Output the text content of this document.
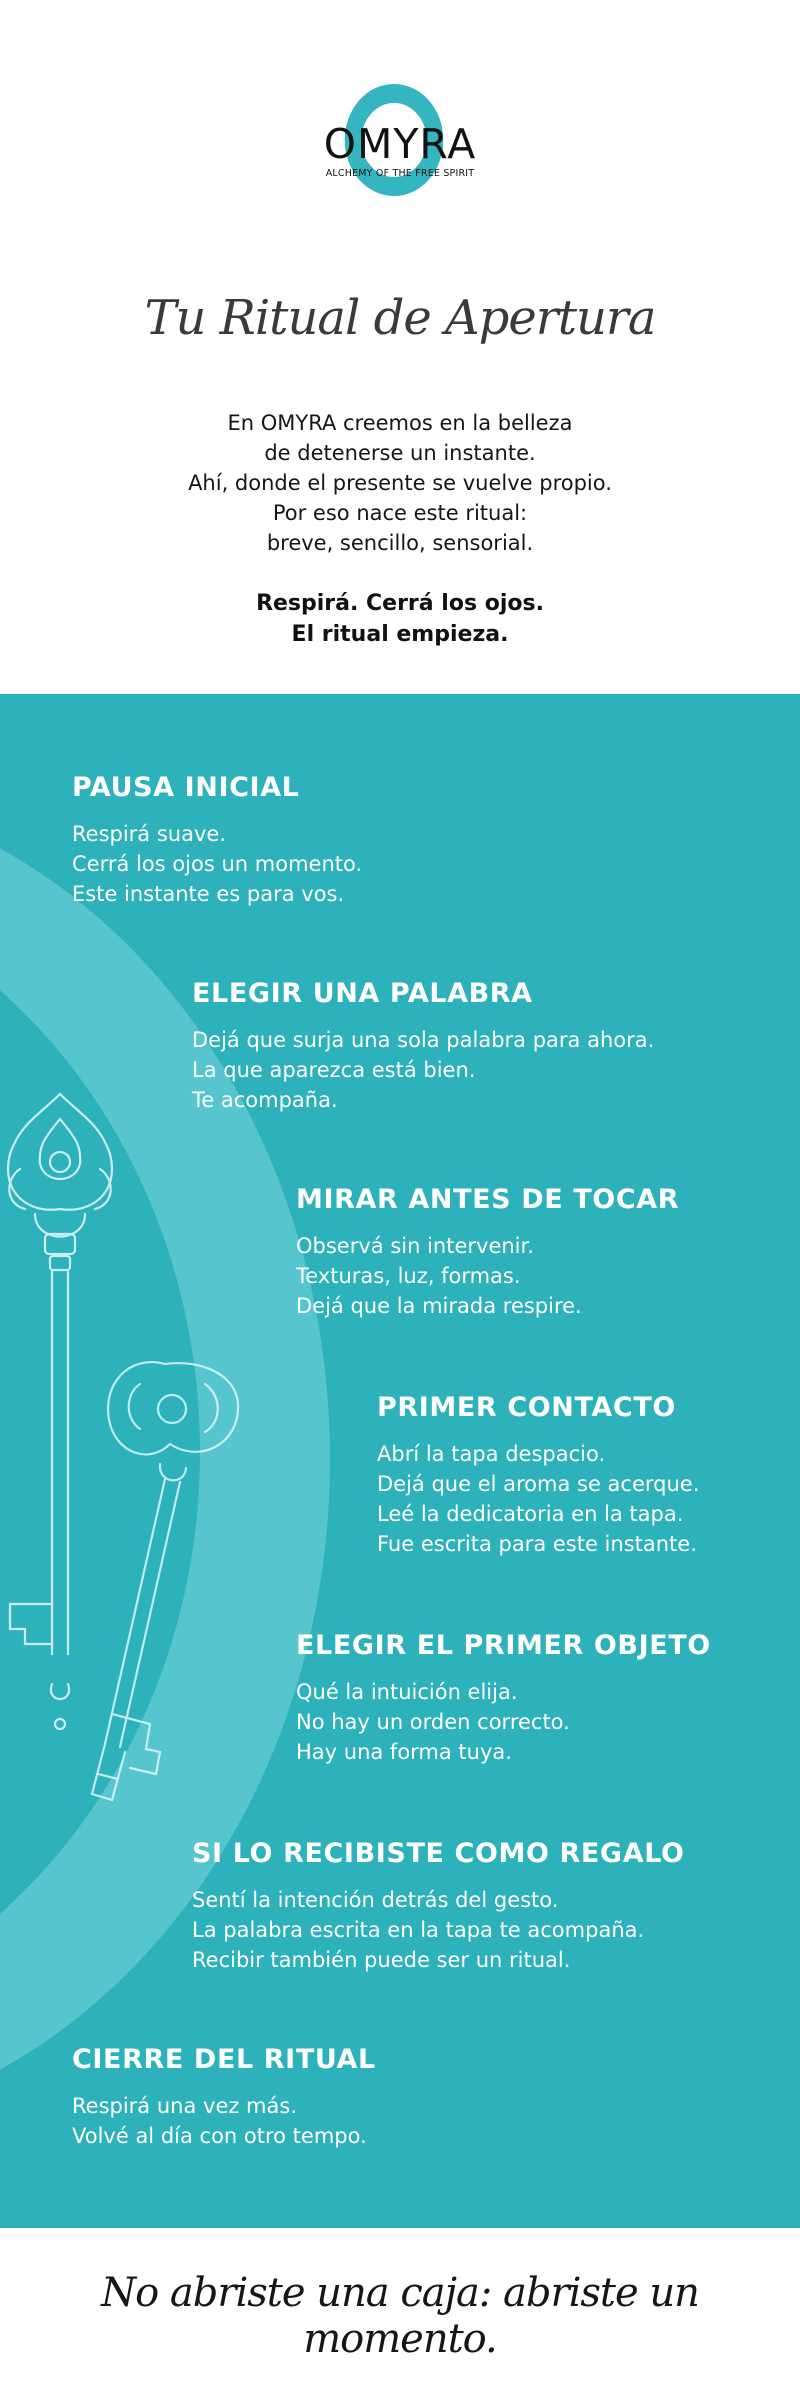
OMYRA
ALCHEMY OF THE FREE SPIRIT
Tu Ritual de Apertura
En OMYRA creemos en la belleza
de detenerse un instante.
Ahí, donde el presente se vuelve propio.
Por eso nace este ritual:
breve, sencillo, sensorial.
Respirá. Cerrá los ojos.
El ritual empieza.
PAUSA INICIAL
Respirá suave.
Cerrá los ojos un momento.
Este instante es para vos.
ELEGIR UNA PALABRA
Dejá que surja una sola palabra para ahora.
La que aparezca está bien.
Te acompaña.
MIRAR ANTES DE TOCAR
Observá sin intervenir.
Texturas, luz, formas.
Dejá que la mirada respire.
PRIMER CONTACTO
Abrí la tapa despacio.
Dejá que el aroma se acerque.
Leé la dedicatoria en la tapa.
Fue escrita para este instante.
ELEGIR EL PRIMER OBJETO
Qué la intuición elija.
No hay un orden correcto.
Hay una forma tuya.
SI LO RECIBISTE COMO REGALO
Sentí la intención detrás del gesto.
La palabra escrita en la tapa te acompaña.
Recibir también puede ser un ritual.
CIERRE DEL RITUAL
Respirá una vez más.
Volvé al día con otro tempo.
No abriste una caja: abriste un momento.
